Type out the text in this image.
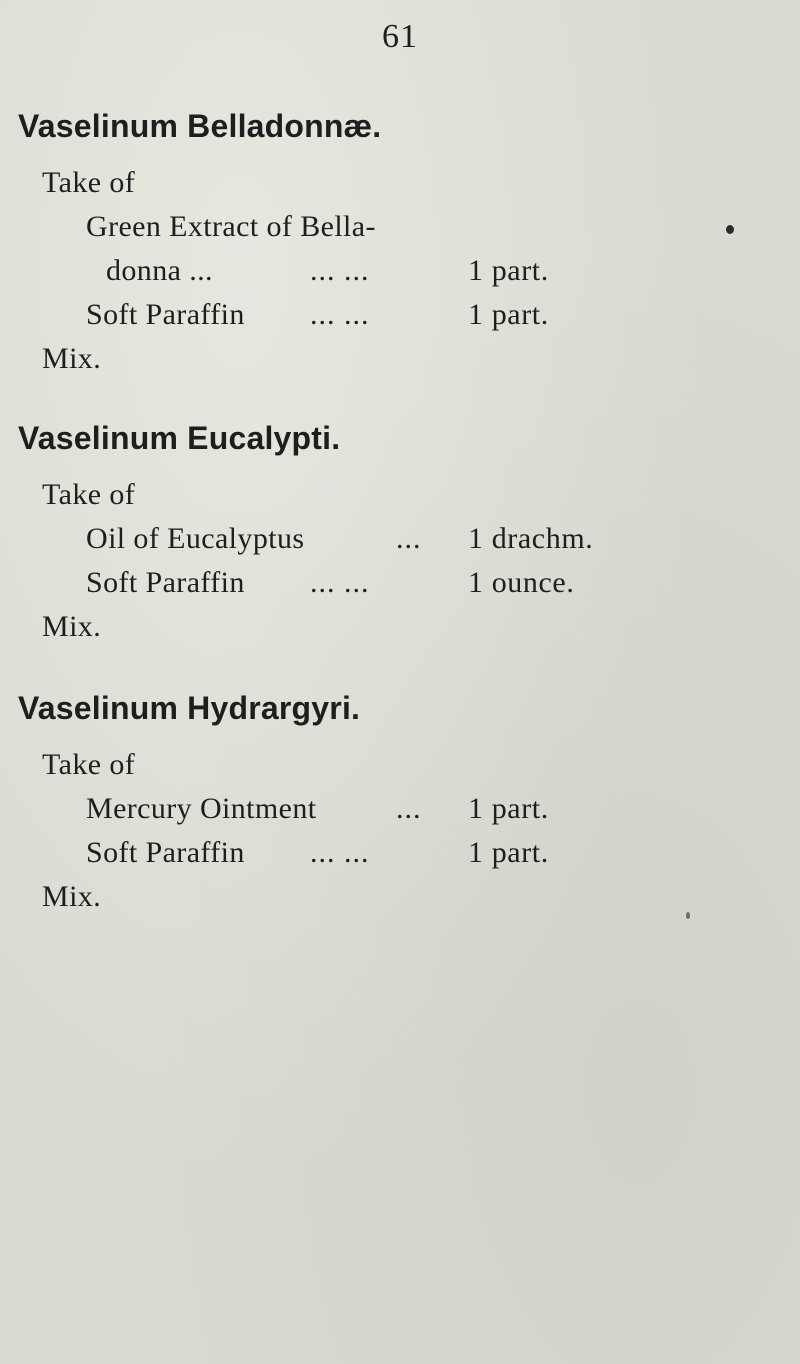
61
Vaselinum Belladonnæ.
Take of
Green Extract of Bella-
donna ...	... ...	1 part.
Soft Paraffin ... ...	1 part.
Mix.
Vaselinum Eucalypti.
Take of
Oil of Eucalyptus	... 1 drachm.
Soft Paraffin ... ...	1 ounce.
Mix.
Vaselinum Hydrargyri.
Take of
Mercury Ointment	... 1 part.
Soft Paraffin ... ...	1 part.
Mix.
